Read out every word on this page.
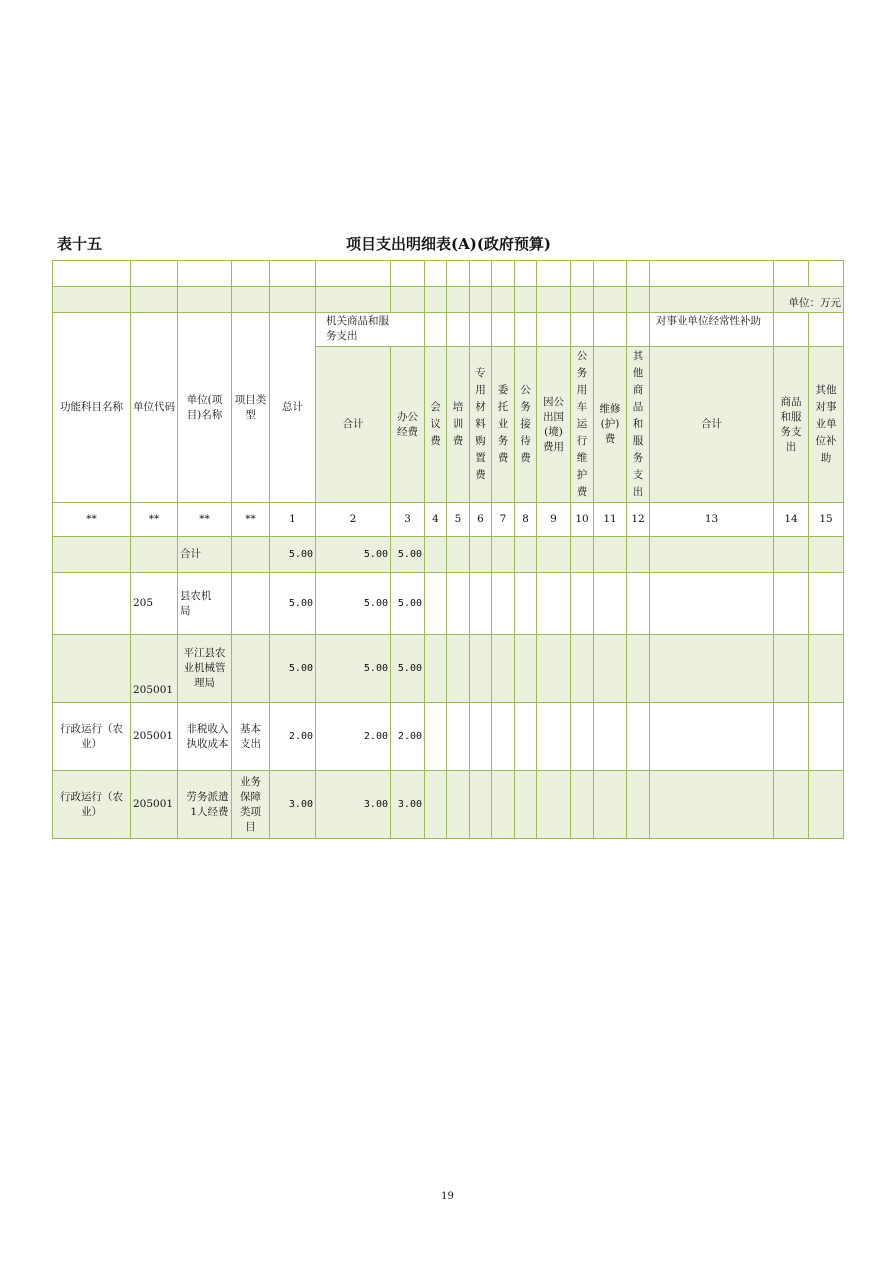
表十五	项目支出明细表(A)(政府预算)

																	单位：万元	
功能科目名称	单位代码	单位(项目)名称	项目类型	总计	机关商品和服务支出											对事业单位经常性补助		
					合计	办公经费	会议费	培训费	专用材料购置费	委托业务费	公务接待费	因公出国(境)费用	公务用车运行维护费	维修(护)费	其他商品和服务支出	合计	商品和服务支出	其他对事业单位补助
**	**	**	**	1	2	3	4	5	6	7	8	9	10	11	12	13	14	15
		合计		5.00	5.00	5.00												
	205	县农机局		5.00	5.00	5.00												
	205001	平江县农业机械管理局		5.00	5.00	5.00												

行政运行（农业）	205001	非税收入执收成本	基本支出	2.00	2.00	2.00												

行政运行（农业）	205001	劳务派遣1人经费	业务保障类项目	3.00	3.00	3.00												
19
